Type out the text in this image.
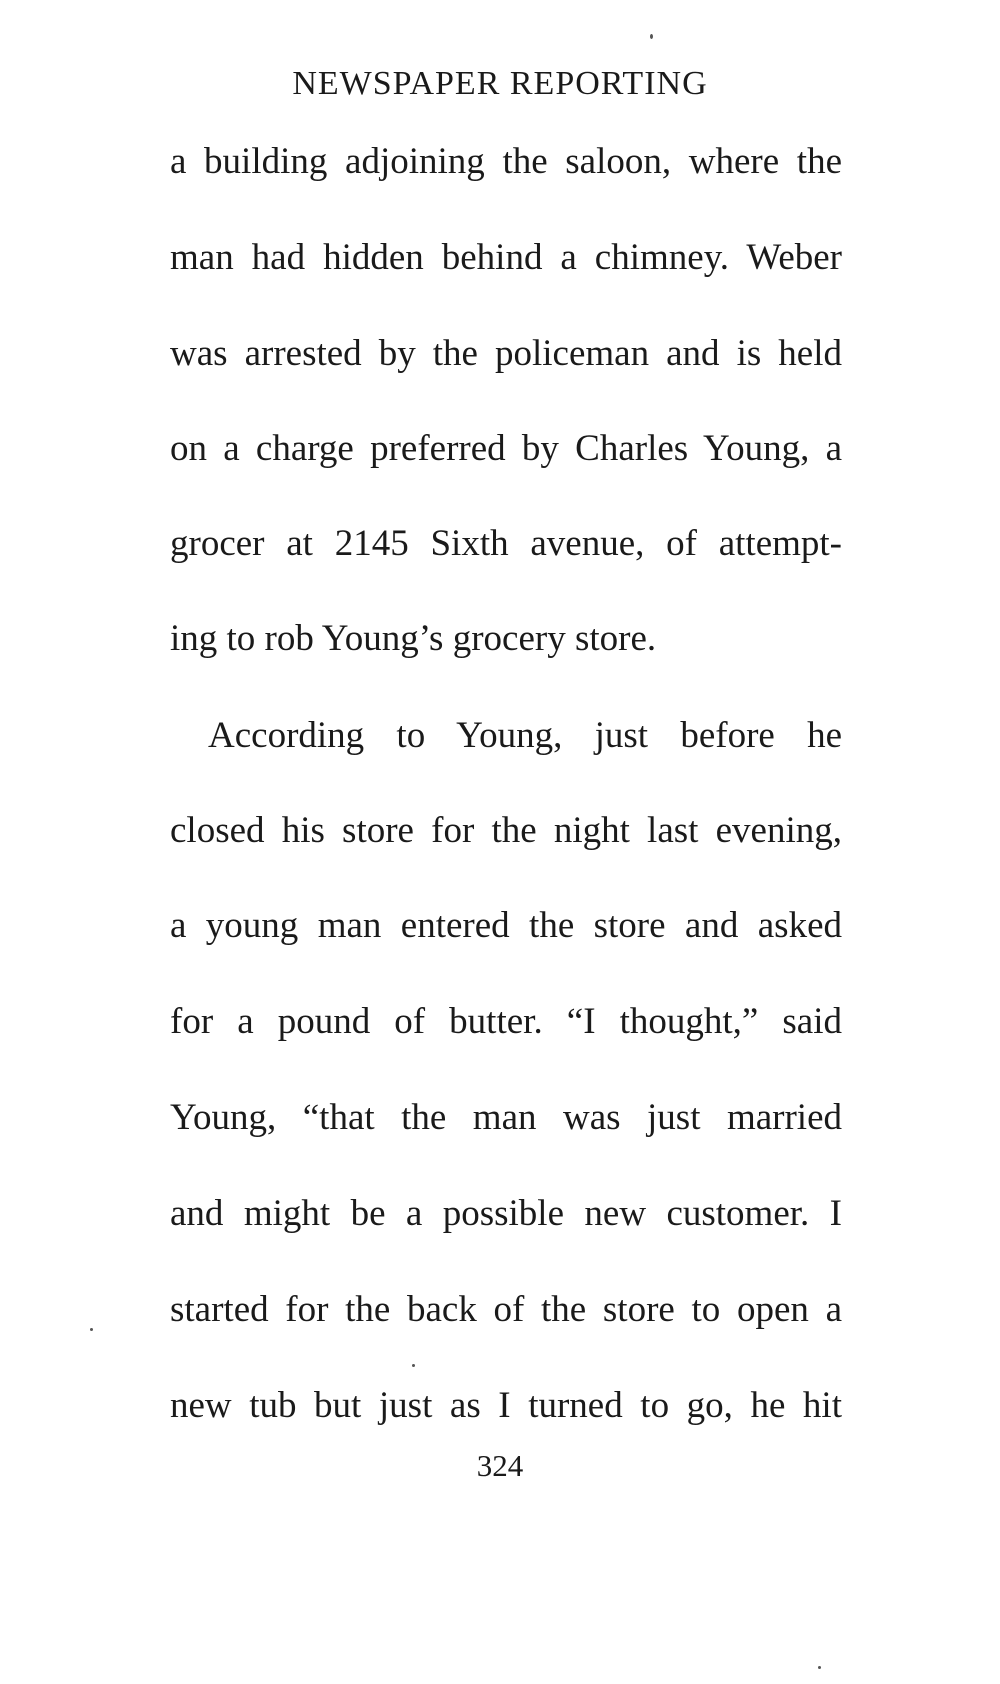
NEWSPAPER REPORTING
a building adjoining the saloon, where the
man had hidden behind a chimney. Weber
was arrested by the policeman and is held
on a charge preferred by Charles Young, a
grocer at 2145 Sixth avenue, of attempt-
ing to rob Young’s grocery store.
According to Young, just before he
closed his store for the night last evening,
a young man entered the store and asked
for a pound of butter. “I thought,” said
Young, “that the man was just married
and might be a possible new customer. I
started for the back of the store to open a
new tub but just as I turned to go, he hit
324
